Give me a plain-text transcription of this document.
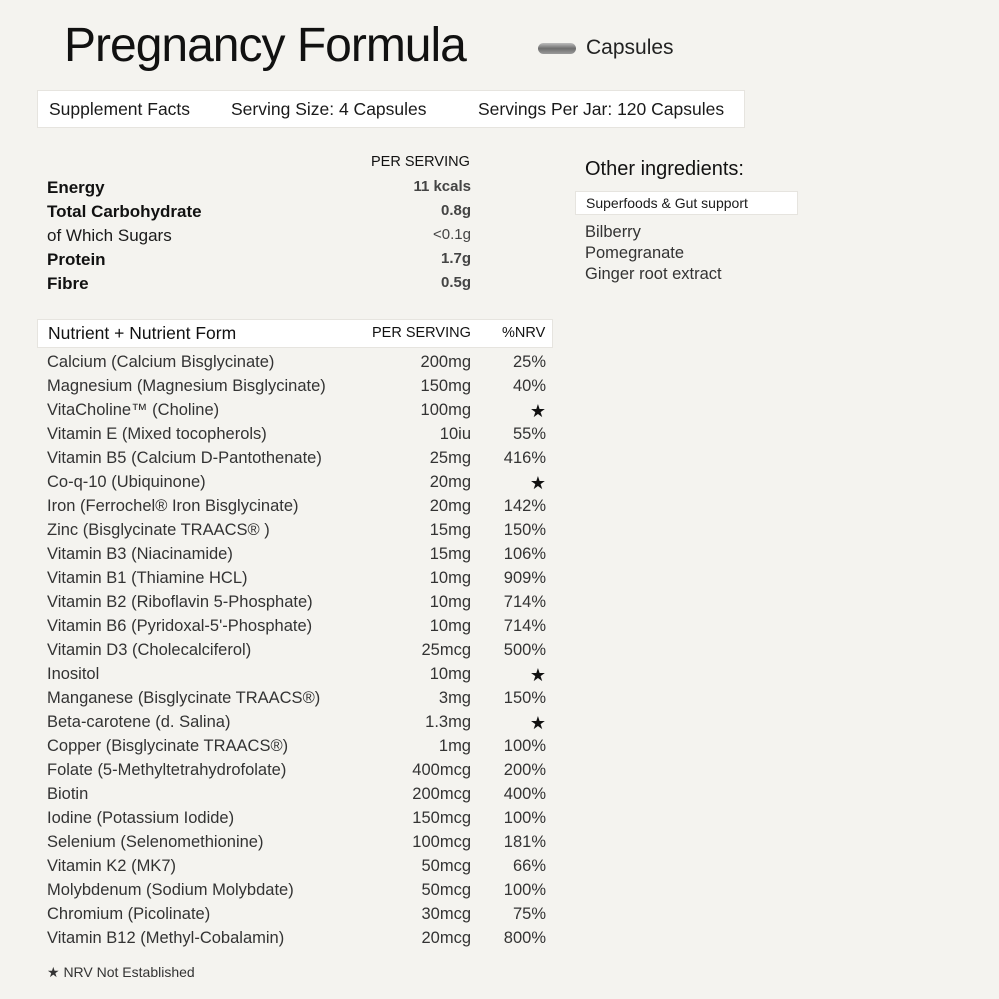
Pregnancy Formula	Capsules
Supplement Facts Serving Size: 4 Capsules	Servings Per Jar: 120 Capsules
PER SERVING
Energy	11 kcals
Total Carbohydrate	0.8g
of Which Sugars	<0.1g
Protein	1.7g
Fibre	0.5g
Nutrient + Nutrient Form	PER SERVING %NRV
Calcium (Calcium Bisglycinate)	200mg	25%
Magnesium (Magnesium Bisglycinate)	150mg	40%
VitaCholine™ (Choline)	100mg	★
Vitamin E (Mixed tocopherols)	10iu	55%
Vitamin B5 (Calcium D-Pantothenate)	25mg 416%
Co-q-10 (Ubiquinone)	20mg	★
Iron (Ferrochel® Iron Bisglycinate)	20mg 142%
Zinc (Bisglycinate TRAACS® )	15mg 150%
Vitamin B3 (Niacinamide)	15mg 106%
Vitamin B1 (Thiamine HCL)	10mg 909%
Vitamin B2 (Riboflavin 5-Phosphate)	10mg 714%
Vitamin B6 (Pyridoxal-5'-Phosphate)	10mg 714%
Vitamin D3 (Cholecalciferol)	25mcg 500%
Inositol	10mg	★
Manganese (Bisglycinate TRAACS®)	3mg 150%
Beta-carotene (d. Salina)	1.3mg	★
Copper (Bisglycinate TRAACS®)	1mg 100%
Folate (5-Methyltetrahydrofolate)	400mcg 200%
Biotin	200mcg 400%
Iodine (Potassium Iodide)	150mcg 100%
Selenium (Selenomethionine)	100mcg 181%
Vitamin K2 (MK7)	50mcg	66%
Molybdenum (Sodium Molybdate)	50mcg 100%
Chromium (Picolinate)	30mcg	75%
Vitamin B12 (Methyl-Cobalamin)	20mcg 800%
★ NRV Not Established
Other ingredients:
Superfoods & Gut support
Bilberry
Pomegranate
Ginger root extract
